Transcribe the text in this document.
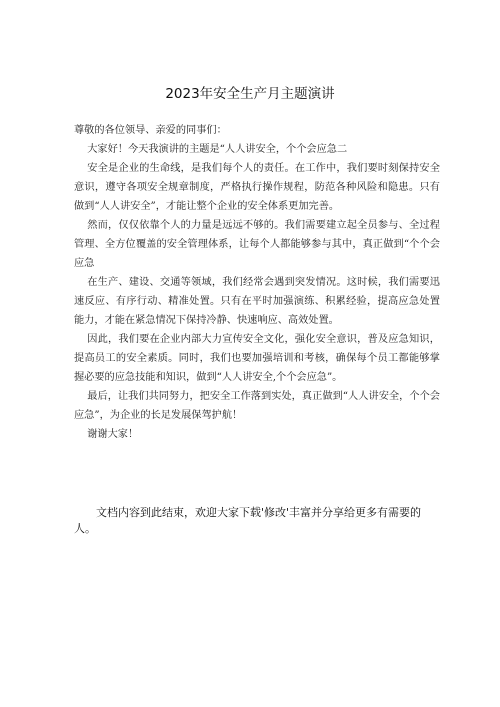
2023年安全生产月主题演讲

尊敬的各位领导、亲爱的同事们：

大家好！今天我演讲的主题是“人人讲安全，个个会应急二

安全是企业的生命线，是我们每个人的责任。在工作中，我们要时刻保持安全意识，遵守各项安全规章制度，严格执行操作规程，防范各种风险和隐患。只有做到“人人讲安全”，才能让整个企业的安全体系更加完善。

然而，仅仅依靠个人的力量是远远不够的。我们需要建立起全员参与、全过程管理、全方位覆盖的安全管理体系，让每个人都能够参与其中，真正做到“个个会应急

在生产、建设、交通等领域，我们经常会遇到突发情况。这时候，我们需要迅速反应、有序行动、精准处置。只有在平时加强演练、积累经验，提高应急处置能力，才能在紧急情况下保持冷静、快速响应、高效处置。

因此，我们要在企业内部大力宣传安全文化，强化安全意识，普及应急知识，提高员工的安全素质。同时，我们也要加强培训和考核，确保每个员工都能够掌握必要的应急技能和知识，做到“人人讲安全,个个会应急”。

最后，让我们共同努力，把安全工作落到实处，真正做到“人人讲安全，个个会应急”，为企业的长足发展保驾护航！

谢谢大家！

文档内容到此结束，欢迎大家下载'修改'丰富并分享给更多有需要的人。
